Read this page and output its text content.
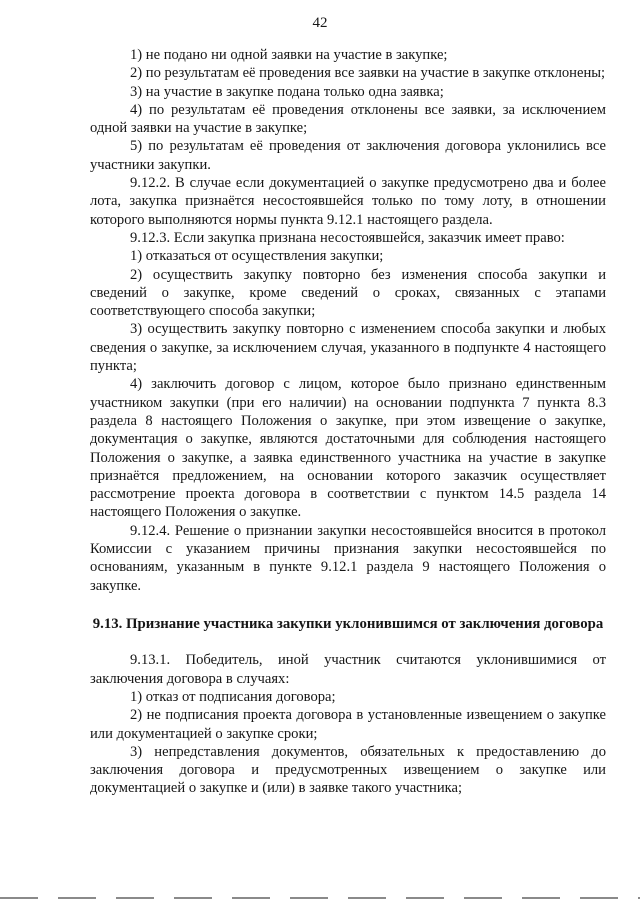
42

1) не подано ни одной заявки на участие в закупке;

2) по результатам её проведения все заявки на участие в закупке отклонены;

3) на участие в закупке подана только одна заявка;

4) по результатам её проведения отклонены все заявки, за исключением одной заявки на участие в закупке;

5) по результатам её проведения от заключения договора уклонились все участники закупки.

9.12.2. В случае если документацией о закупке предусмотрено два и более лота, закупка признаётся несостоявшейся только по тому лоту, в отношении которого выполняются нормы пункта 9.12.1 настоящего раздела.

9.12.3. Если закупка признана несостоявшейся, заказчик имеет право:

1) отказаться от осуществления закупки;

2) осуществить закупку повторно без изменения способа закупки и сведений о закупке, кроме сведений о сроках, связанных с этапами соответствующего способа закупки;

3) осуществить закупку повторно с изменением способа закупки и любых сведения о закупке, за исключением случая, указанного в подпункте 4 настоящего пункта;

4) заключить договор с лицом, которое было признано единственным участником закупки (при его наличии) на основании подпункта 7 пункта 8.3 раздела 8 настоящего Положения о закупке, при этом извещение о закупке, документация о закупке, являются достаточными для соблюдения настоящего Положения о закупке, а заявка единственного участника на участие в закупке признаётся предложением, на основании которого заказчик осуществляет рассмотрение проекта договора в соответствии с пунктом 14.5 раздела 14 настоящего Положения о закупке.

9.12.4. Решение о признании закупки несостоявшейся вносится в протокол Комиссии с указанием причины признания закупки несостоявшейся по основаниям, указанным в пункте 9.12.1 раздела 9 настоящего Положения о закупке.

9.13. Признание участника закупки уклонившимся от заключения договора

9.13.1. Победитель, иной участник считаются уклонившимися от заключения договора в случаях:

1) отказ от подписания договора;

2) не подписания проекта договора в установленные извещением о закупке или документацией о закупке сроки;

3) непредставления документов, обязательных к предоставлению до заключения договора и предусмотренных извещением о закупке или документацией о закупке и (или) в заявке такого участника;
